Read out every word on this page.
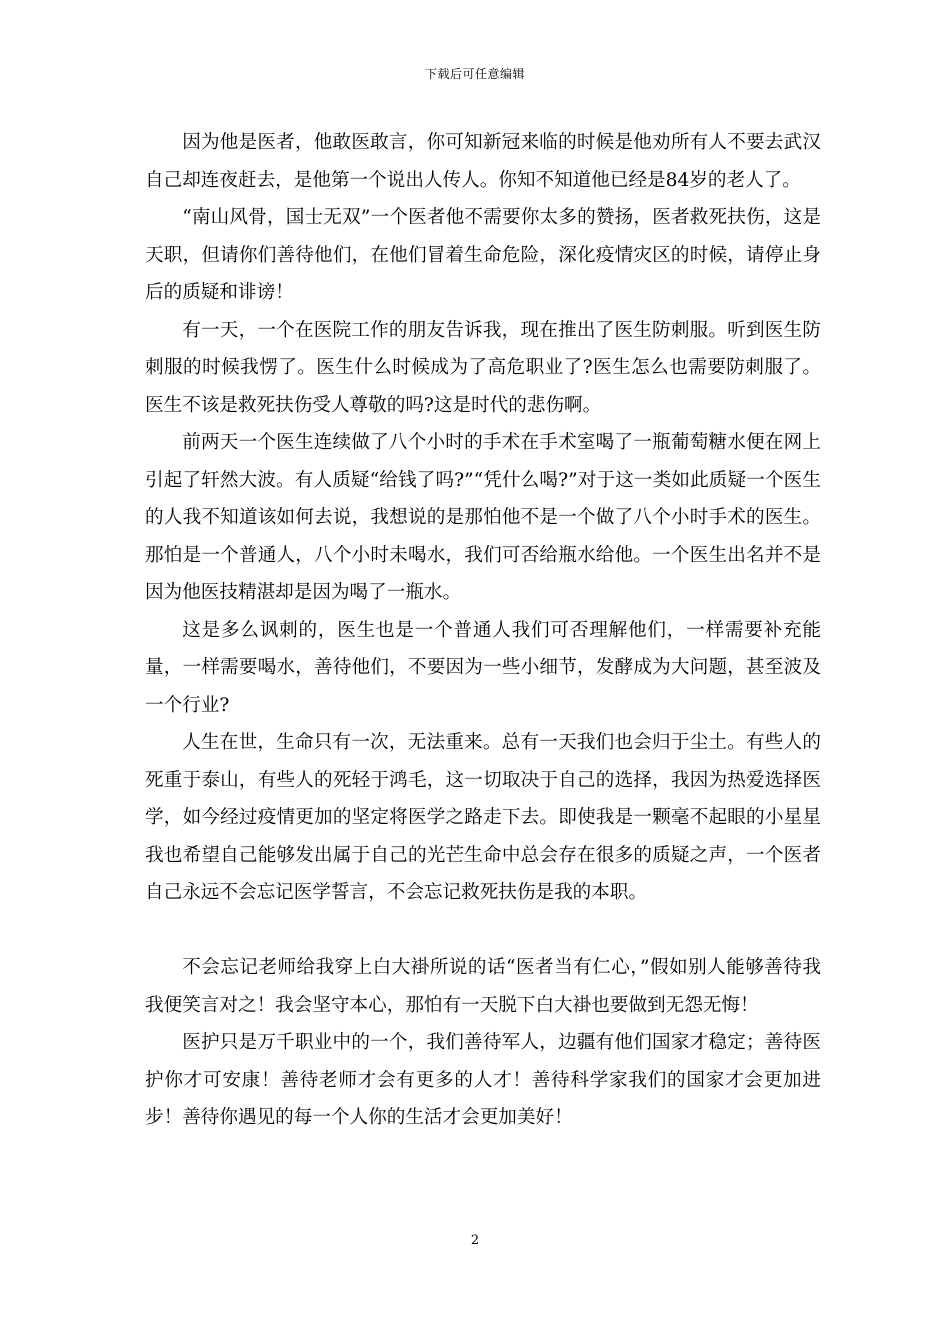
下载后可任意编辑

因为他是医者，他敢医敢言，你可知新冠来临的时候是他劝所有人不要去武汉自己却连夜赶去，是他第一个说出人传人。你知不知道他已经是84岁的老人了。

“南山风骨，国士无双”一个医者他不需要你太多的赞扬，医者救死扶伤，这是天职，但请你们善待他们，在他们冒着生命危险，深化疫情灾区的时候，请停止身后的质疑和诽谤！

有一天，一个在医院工作的朋友告诉我，现在推出了医生防刺服。听到医生防刺服的时候我愣了。医生什么时候成为了高危职业了?医生怎么也需要防刺服了。医生不该是救死扶伤受人尊敬的吗?这是时代的悲伤啊。

前两天一个医生连续做了八个小时的手术在手术室喝了一瓶葡萄糖水便在网上引起了轩然大波。有人质疑“给钱了吗?”“凭什么喝?”对于这一类如此质疑一个医生的人我不知道该如何去说，我想说的是那怕他不是一个做了八个小时手术的医生。那怕是一个普通人，八个小时未喝水，我们可否给瓶水给他。一个医生出名并不是因为他医技精湛却是因为喝了一瓶水。

这是多么讽刺的，医生也是一个普通人我们可否理解他们，一样需要补充能量，一样需要喝水，善待他们，不要因为一些小细节，发酵成为大问题，甚至波及一个行业?

人生在世，生命只有一次，无法重来。总有一天我们也会归于尘土。有些人的死重于泰山，有些人的死轻于鸿毛，这一切取决于自己的选择，我因为热爱选择医学，如今经过疫情更加的坚定将医学之路走下去。即使我是一颗毫不起眼的小星星我也希望自己能够发出属于自己的光芒生命中总会存在很多的质疑之声，一个医者自己永远不会忘记医学誓言，不会忘记救死扶伤是我的本职。

不会忘记老师给我穿上白大褂所说的话“医者当有仁心，”假如别人能够善待我我便笑言对之！我会坚守本心，那怕有一天脱下白大褂也要做到无怨无悔！

医护只是万千职业中的一个，我们善待军人，边疆有他们国家才稳定；善待医护你才可安康！善待老师才会有更多的人才！善待科学家我们的国家才会更加进步！善待你遇见的每一个人你的生活才会更加美好！

2
